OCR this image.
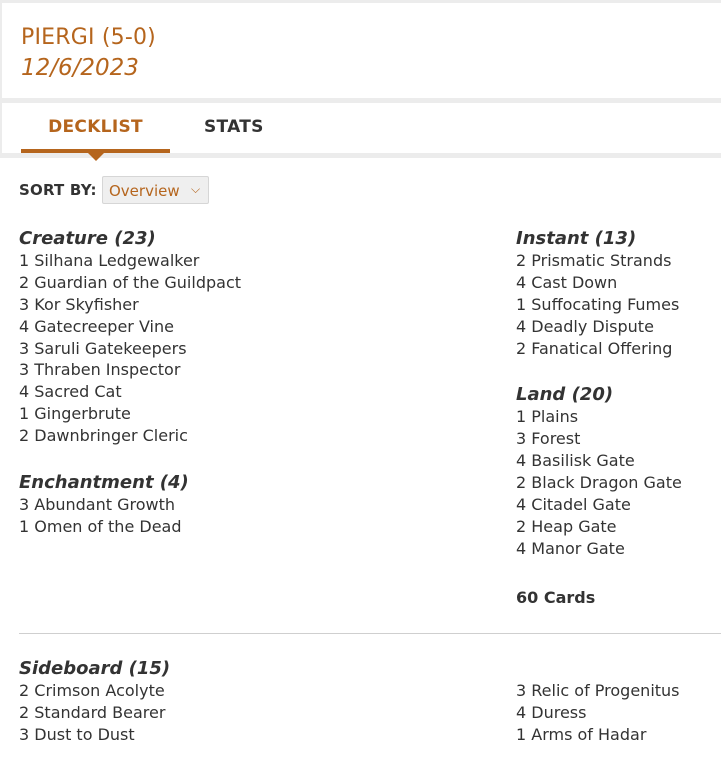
PIERGI (5-0)
12/6/2023
DECKLIST	STATS
SORT BY: Overview ⌵
Creature (23)
1 Silhana Ledgewalker
2 Guardian of the Guildpact
3 Kor Skyfisher
4 Gatecreeper Vine
3 Saruli Gatekeepers
3 Thraben Inspector
4 Sacred Cat
1 Gingerbrute
2 Dawnbringer Cleric
Enchantment (4)
3 Abundant Growth
1 Omen of the Dead
Instant (13)
2 Prismatic Strands
4 Cast Down
1 Suffocating Fumes
4 Deadly Dispute
2 Fanatical Offering
Land (20)
1 Plains
3 Forest
4 Basilisk Gate
2 Black Dragon Gate
4 Citadel Gate
2 Heap Gate
4 Manor Gate
60 Cards
Sideboard (15)
2 Crimson Acolyte
2 Standard Bearer
3 Dust to Dust
3 Relic of Progenitus
4 Duress
1 Arms of Hadar
